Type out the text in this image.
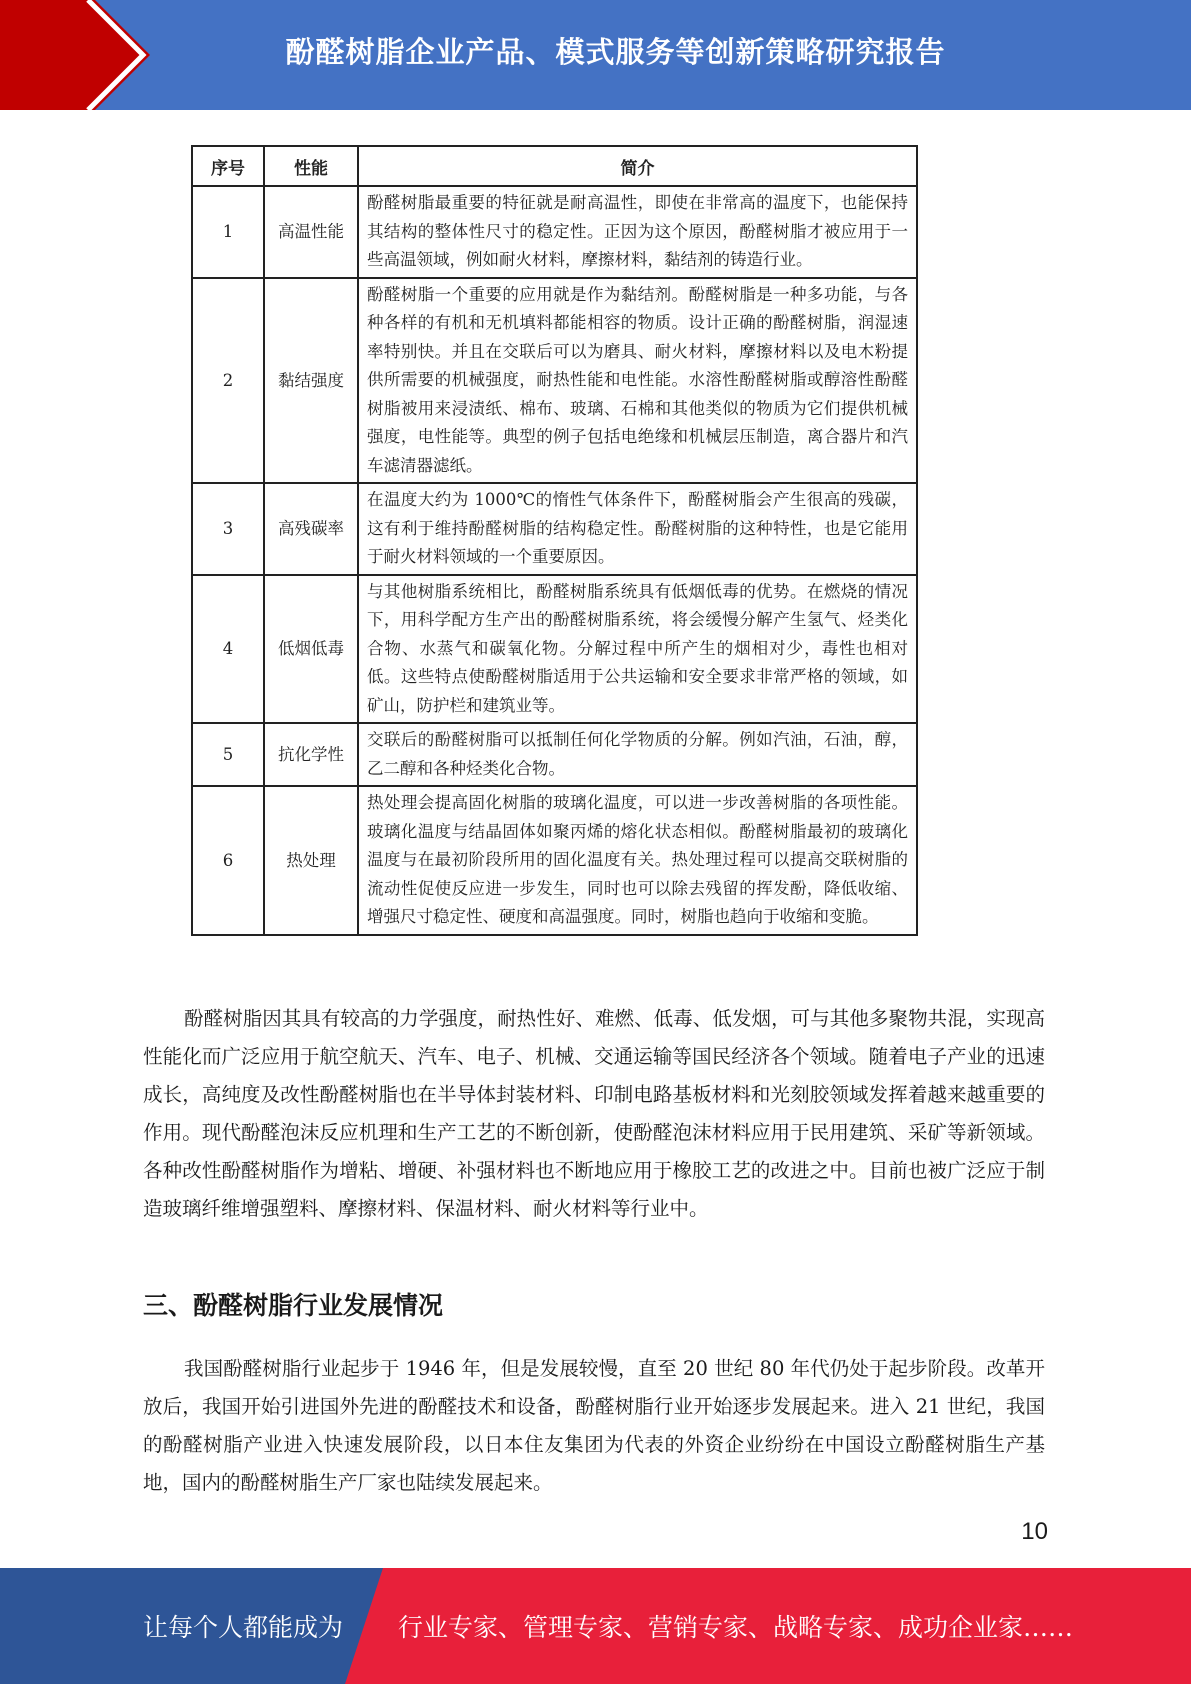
酚醛树脂企业产品、模式服务等创新策略研究报告
序号	性能	简介
1	高温性能	酚醛树脂最重要的特征就是耐高温性，即使在非常高的温度下，也能保持其结构的整体性尺寸的稳定性。正因为这个原因，酚醛树脂才被应用于一些高温领域，例如耐火材料，摩擦材料，黏结剂的铸造行业。
2	黏结强度	酚醛树脂一个重要的应用就是作为黏结剂。酚醛树脂是一种多功能，与各种各样的有机和无机填料都能相容的物质。设计正确的酚醛树脂，润湿速率特别快。并且在交联后可以为磨具、耐火材料，摩擦材料以及电木粉提供所需要的机械强度，耐热性能和电性能。水溶性酚醛树脂或醇溶性酚醛树脂被用来浸渍纸、棉布、玻璃、石棉和其他类似的物质为它们提供机械强度，电性能等。典型的例子包括电绝缘和机械层压制造，离合器片和汽车滤清器滤纸。
3	高残碳率	在温度大约为 1000℃的惰性气体条件下，酚醛树脂会产生很高的残碳，这有利于维持酚醛树脂的结构稳定性。酚醛树脂的这种特性，也是它能用于耐火材料领域的一个重要原因。
4	低烟低毒	与其他树脂系统相比，酚醛树脂系统具有低烟低毒的优势。在燃烧的情况下，用科学配方生产出的酚醛树脂系统，将会缓慢分解产生氢气、烃类化合物、水蒸气和碳氧化物。分解过程中所产生的烟相对少，毒性也相对低。这些特点使酚醛树脂适用于公共运输和安全要求非常严格的领域，如矿山，防护栏和建筑业等。
5	抗化学性	交联后的酚醛树脂可以抵制任何化学物质的分解。例如汽油，石油，醇，乙二醇和各种烃类化合物。
6	热处理	热处理会提高固化树脂的玻璃化温度，可以进一步改善树脂的各项性能。玻璃化温度与结晶固体如聚丙烯的熔化状态相似。酚醛树脂最初的玻璃化温度与在最初阶段所用的固化温度有关。热处理过程可以提高交联树脂的流动性促使反应进一步发生，同时也可以除去残留的挥发酚，降低收缩、增强尺寸稳定性、硬度和高温强度。同时，树脂也趋向于收缩和变脆。

酚醛树脂因其具有较高的力学强度，耐热性好、难燃、低毒、低发烟，可与其他多聚物共混，实现高性能化而广泛应用于航空航天、汽车、电子、机械、交通运输等国民经济各个领域。随着电子产业的迅速成长，高纯度及改性酚醛树脂也在半导体封装材料、印制电路基板材料和光刻胶领域发挥着越来越重要的作用。现代酚醛泡沫反应机理和生产工艺的不断创新，使酚醛泡沫材料应用于民用建筑、采矿等新领域。各种改性酚醛树脂作为增粘、增硬、补强材料也不断地应用于橡胶工艺的改进之中。目前也被广泛应于制造玻璃纤维增强塑料、摩擦材料、保温材料、耐火材料等行业中。

三、酚醛树脂行业发展情况

我国酚醛树脂行业起步于 1946 年，但是发展较慢，直至 20 世纪 80 年代仍处于起步阶段。改革开放后，我国开始引进国外先进的酚醛技术和设备，酚醛树脂行业开始逐步发展起来。进入 21 世纪，我国的酚醛树脂产业进入快速发展阶段，以日本住友集团为代表的外资企业纷纷在中国设立酚醛树脂生产基地，国内的酚醛树脂生产厂家也陆续发展起来。

10
让每个人都能成为 行业专家、管理专家、营销专家、战略专家、成功企业家……
